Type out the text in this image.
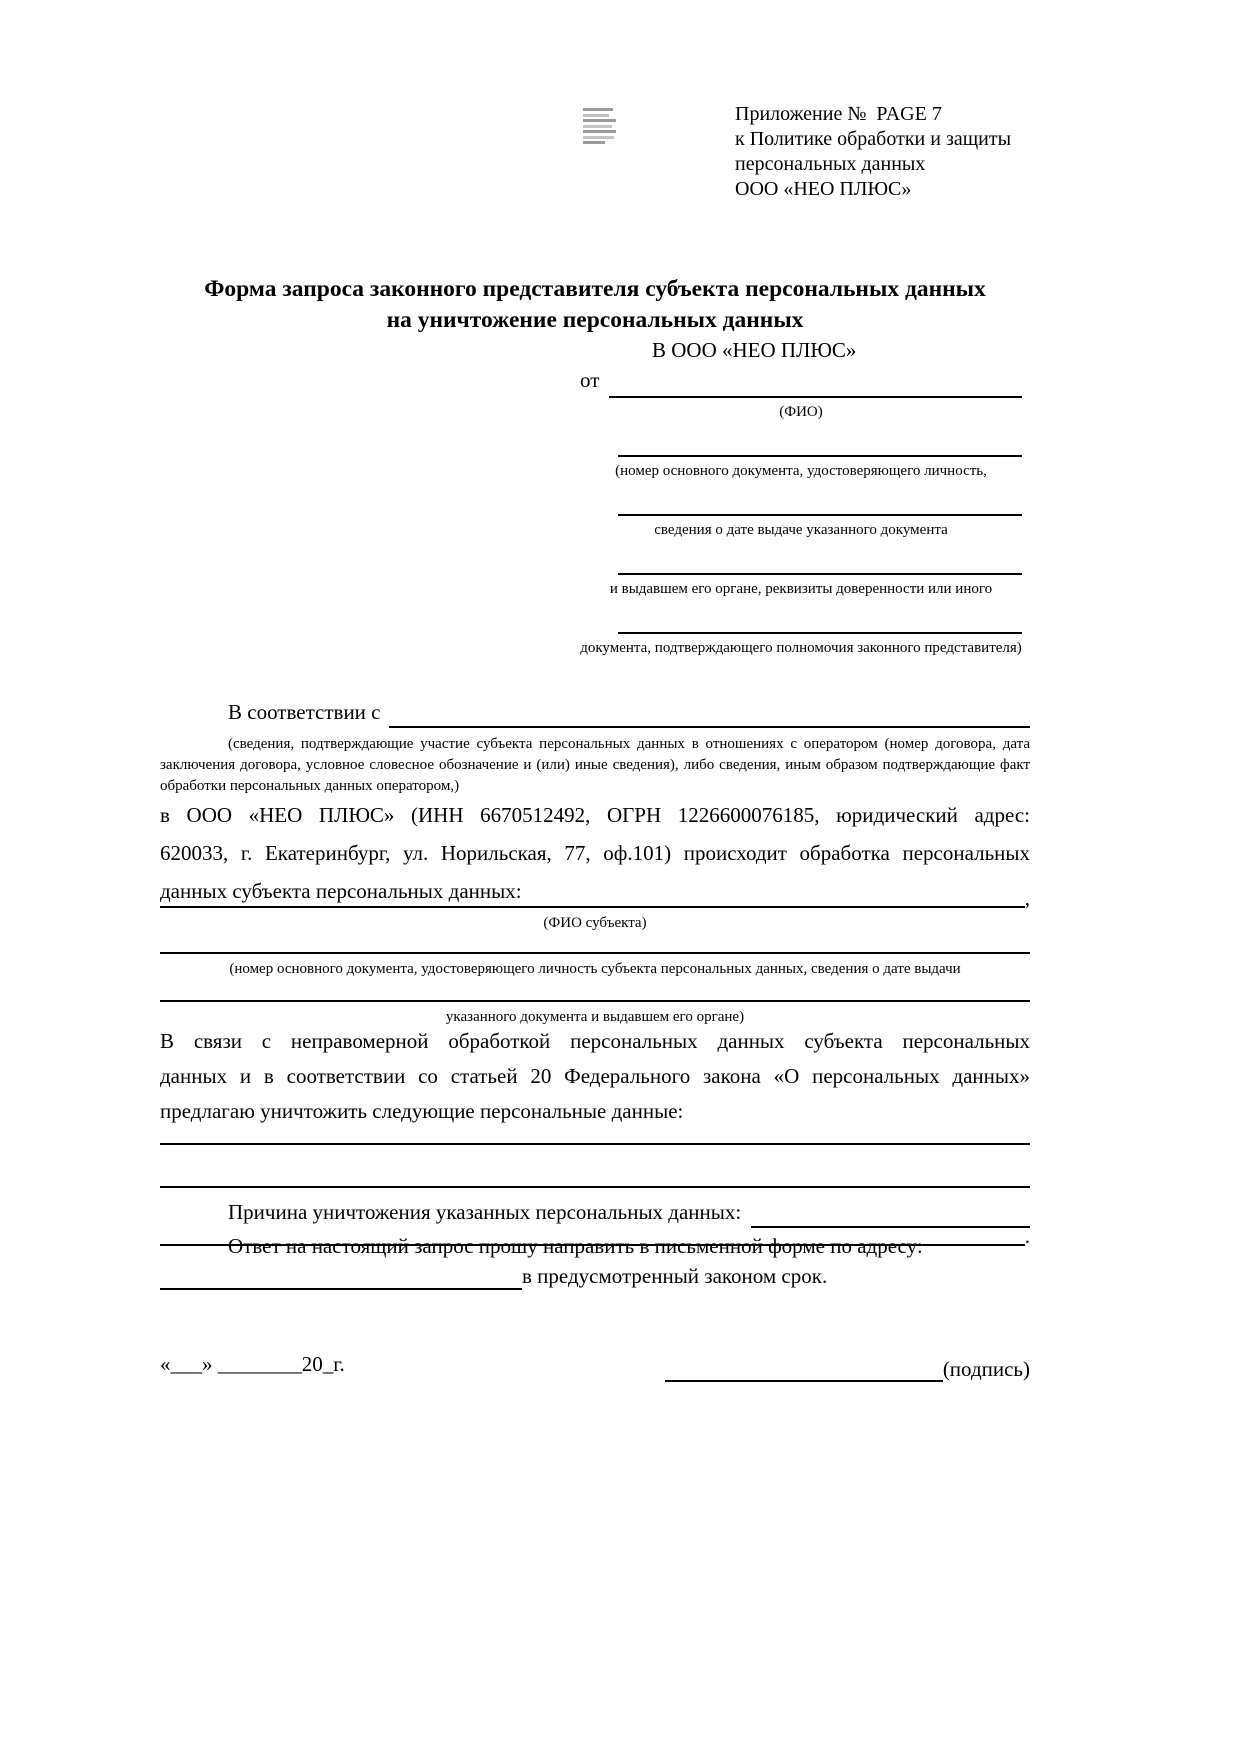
Приложение №  PAGE 7
к Политике обработки и защиты
персональных данных
ООО «НЕО ПЛЮС»
Форма запроса законного представителя субъекта персональных данных
на уничтожение персональных данных
В ООО «НЕО ПЛЮС»
от
(ФИО)
(номер основного документа, удостоверяющего личность,
сведения о дате выдаче указанного документа
и выдавшем его органе, реквизиты доверенности или иного
документа, подтверждающего полномочия законного представителя)
В соответствии с
(сведения, подтверждающие участие субъекта персональных данных в отношениях с оператором (номер договора, дата
заключения договора, условное словесное обозначение и (или) иные сведения), либо сведения, иным образом подтверждающие факт
обработки персональных данных оператором,)
в ООО «НЕО ПЛЮС» (ИНН 6670512492, ОГРН 1226600076185, юридический адрес:
620033, г. Екатеринбург, ул. Норильская, 77, оф.101) происходит обработка персональных
данных субъекта персональных данных:	,
(ФИО субъекта)
(номер основного документа, удостоверяющего личность субъекта персональных данных, сведения о дате выдачи
указанного документа и выдавшем его органе)
В связи с неправомерной обработкой персональных данных субъекта персональных
данных и в соответствии со статьей 20 Федерального закона «О персональных данных»
предлагаю уничтожить следующие персональные данные:
Причина уничтожения указанных персональных данных:
.
Ответ на настоящий запрос прошу направить в письменной форме по адресу:
в предусмотренный законом срок.
«___» ________20_г.	(подпись)
